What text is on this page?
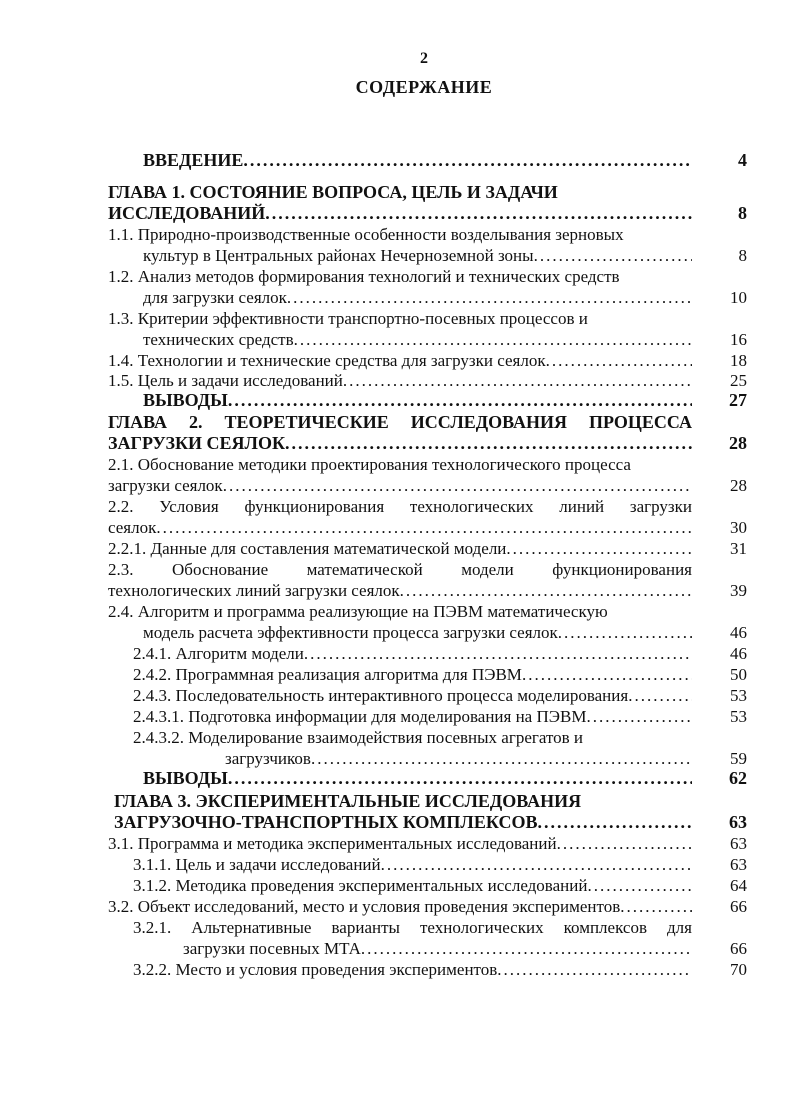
2
СОДЕРЖАНИЕ
ВВЕДЕНИЕ .....	4
ГЛАВА 1. СОСТОЯНИЕ ВОПРОСА, ЦЕЛЬ И ЗАДАЧИ
ИССЛЕДОВАНИЙ .....	8
1.1. Природно-производственные особенности возделывания зерновых
культур в Центральных районах Нечерноземной зоны .....	8
1.2. Анализ методов формирования технологий и технических средств
для загрузки сеялок .....	10
1.3. Критерии эффективности транспортно-посевных процессов и
технических средств .....	16
1.4. Технологии и технические средства для загрузки сеялок .....	18
1.5. Цель и задачи исследований .....	25
ВЫВОДЫ .....	27
ГЛАВА 2. ТЕОРЕТИЧЕСКИЕ ИССЛЕДОВАНИЯ ПРОЦЕССА
ЗАГРУЗКИ СЕЯЛОК .....	28
2.1. Обоснование методики проектирования технологического процесса
загрузки сеялок .....	28
2.2. Условия функционирования технологических линий загрузки
сеялок .....	30
2.2.1. Данные для составления математической модели .....	31
2.3. Обоснование математической модели функционирования
технологических линий загрузки сеялок .....	39
2.4. Алгоритм и программа реализующие на ПЭВМ математическую
модель расчета эффективности процесса загрузки сеялок .....	46
2.4.1. Алгоритм модели .....	46
2.4.2. Программная реализация алгоритма для ПЭВМ .....	50
2.4.3. Последовательность интерактивного процесса моделирования .....	53
2.4.3.1. Подготовка информации для моделирования на ПЭВМ .....	53
2.4.3.2. Моделирование взаимодействия посевных агрегатов и
загрузчиков .....	59
ВЫВОДЫ .....	62
ГЛАВА 3. ЭКСПЕРИМЕНТАЛЬНЫЕ ИССЛЕДОВАНИЯ
ЗАГРУЗОЧНО-ТРАНСПОРТНЫХ КОМПЛЕКСОВ .....	63
3.1. Программа и методика экспериментальных исследований .....	63
3.1.1. Цель и задачи исследований .....	63
3.1.2. Методика проведения экспериментальных исследований .....	64
3.2. Объект исследований, место и условия проведения экспериментов .....	66
3.2.1. Альтернативные варианты технологических комплексов для
загрузки посевных МТА .....	66
3.2.2. Место и условия проведения экспериментов .....	70
